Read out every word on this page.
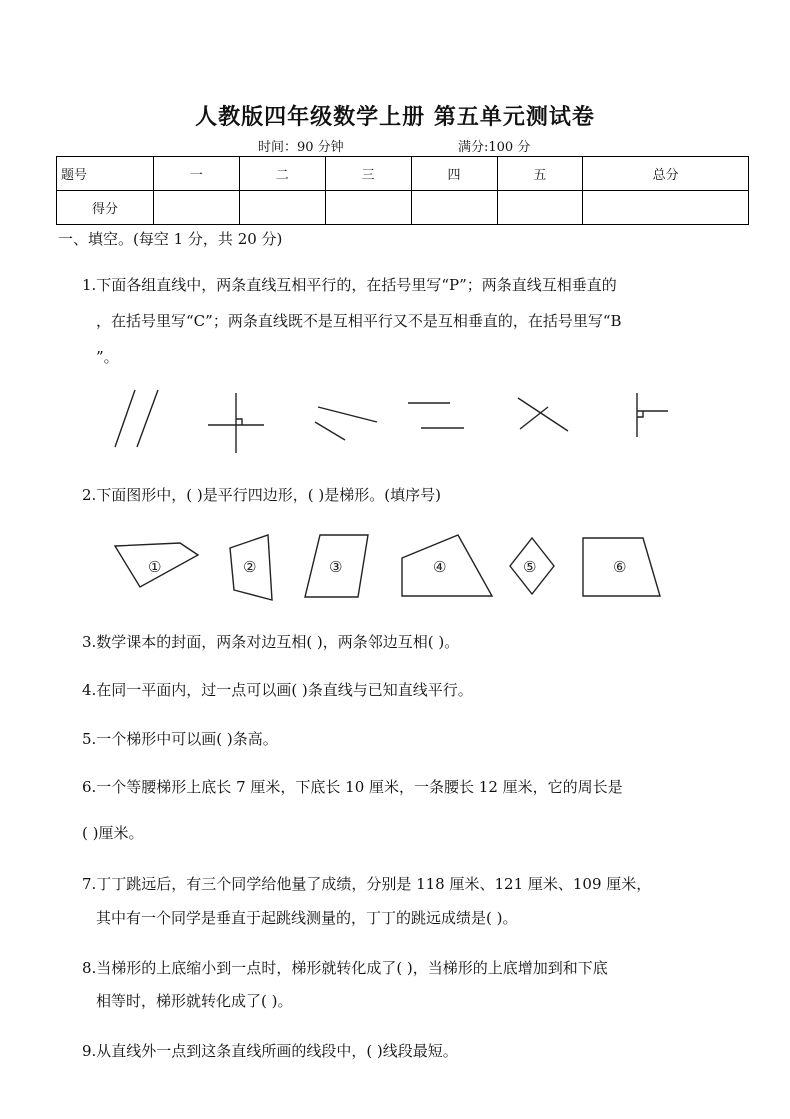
人教版四年级数学上册 第五单元测试卷
时间：90 分钟	满分:100 分
题号	一	二	三	四	五	总分
得分						
一、填空。(每空 1 分，共 20 分)
1.下面各组直线中，两条直线互相平行的，在括号里写“P”；两条直线互相垂直的
，在括号里写“C”；两条直线既不是互相平行又不是互相垂直的，在括号里写“B
”。
2.下面图形中，( )是平行四边形，( )是梯形。(填序号)
①	②	③	④	⑤	⑥
3.数学课本的封面，两条对边互相( )，两条邻边互相( )。
4.在同一平面内，过一点可以画( )条直线与已知直线平行。
5.一个梯形中可以画( )条高。
6.一个等腰梯形上底长 7 厘米，下底长 10 厘米，一条腰长 12 厘米，它的周长是
( )厘米。
7.丁丁跳远后，有三个同学给他量了成绩，分别是 118 厘米、121 厘米、109 厘米，
其中有一个同学是垂直于起跳线测量的，丁丁的跳远成绩是( )。
8.当梯形的上底缩小到一点时，梯形就转化成了( )，当梯形的上底增加到和下底
相等时，梯形就转化成了( )。
9.从直线外一点到这条直线所画的线段中，( )线段最短。
